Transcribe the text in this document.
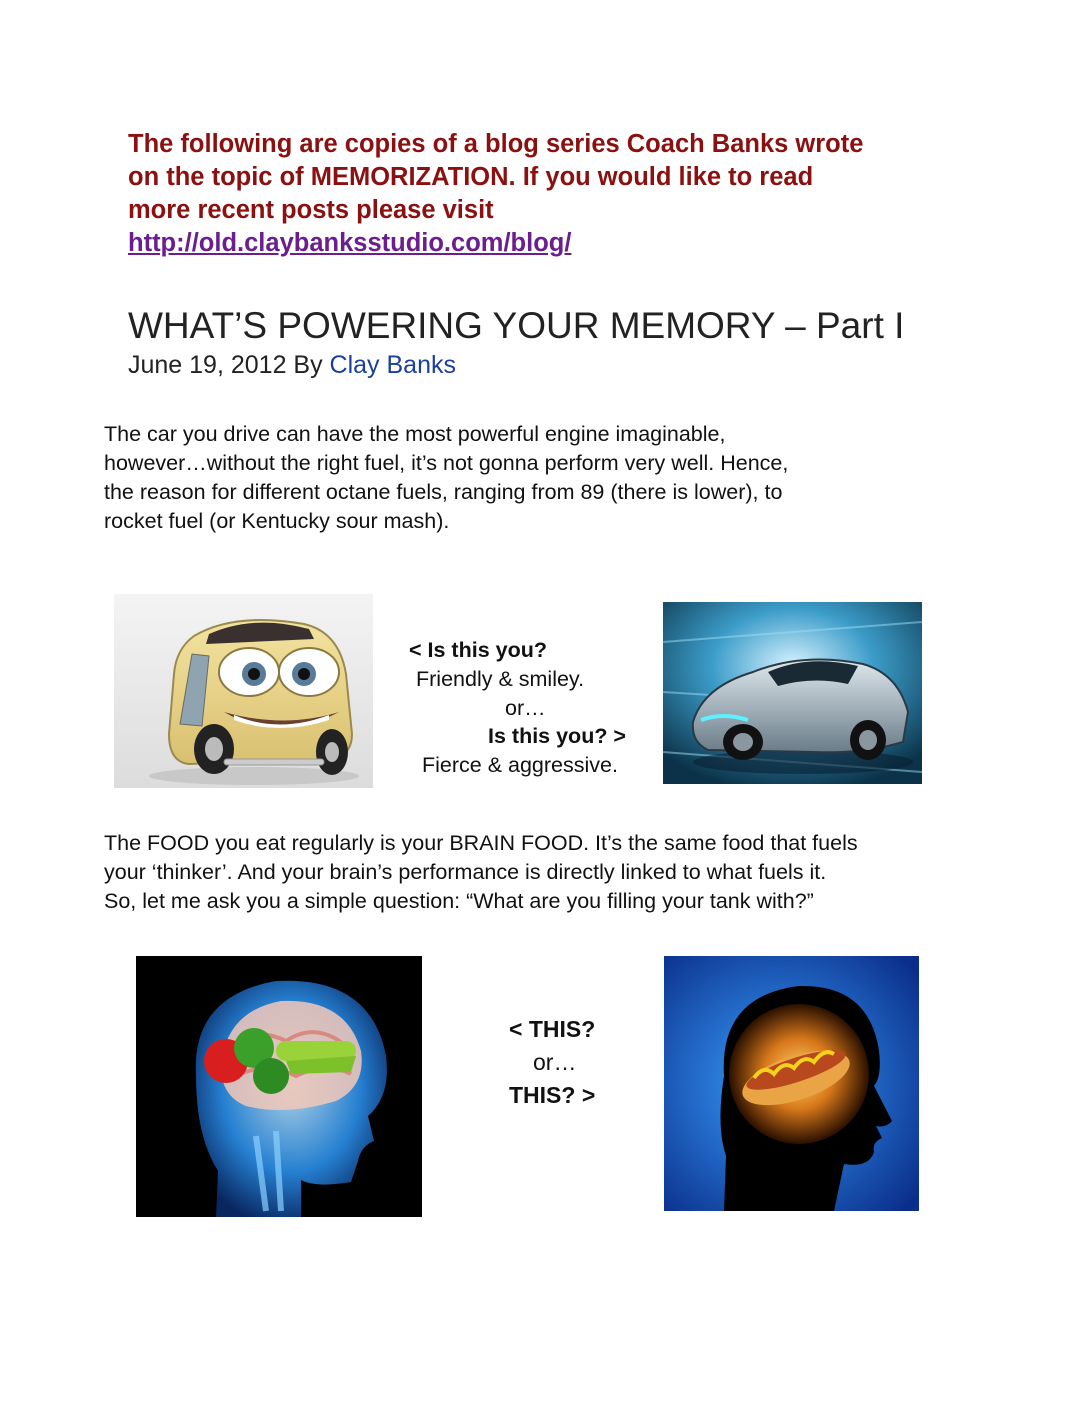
The following are copies of a blog series Coach Banks wrote

on the topic of MEMORIZATION. If you would like to read

more recent posts please visit

http://old.claybanksstudio.com/blog/
WHAT’S POWERING YOUR MEMORY – Part I
June 19, 2012 By Clay Banks
The car you drive can have the most powerful engine imaginable,
however…without the right fuel, it’s not gonna perform very well. Hence,
the reason for different octane fuels, ranging from 89 (there is lower), to
rocket fuel (or Kentucky sour mash).
< Is this you?
Friendly & smiley.
or…
Is this you? >
Fierce & aggressive.
The FOOD you eat regularly is your BRAIN FOOD. It’s the same food that fuels
your ‘thinker’. And your brain’s performance is directly linked to what fuels it.
So, let me ask you a simple question: “What are you filling your tank with?”
< THIS?
or…
THIS? >
